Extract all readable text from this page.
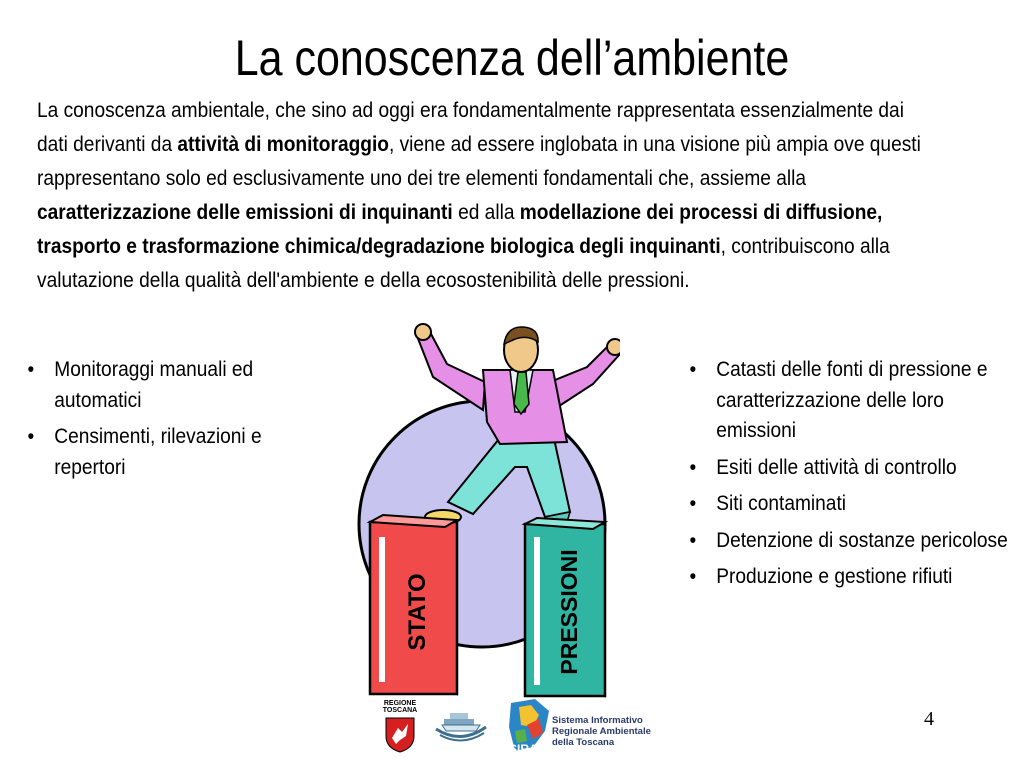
La conoscenza dell’ambiente
La conoscenza ambientale, che sino ad oggi era fondamentalmente rappresentata essenzialmente dai dati derivanti da attività di monitoraggio, viene ad essere inglobata in una visione più ampia ove questi rappresentano solo ed esclusivamente uno dei tre elementi fondamentali che, assieme alla caratterizzazione delle emissioni di inquinanti ed alla modellazione dei processi di diffusione, trasporto e trasformazione chimica/degradazione biologica degli inquinanti, contribuiscono alla valutazione della qualità dell'ambiente e della ecosostenibilità delle pressioni.
• Monitoraggi manuali ed automatici
• Censimenti, rilevazioni e repertori
• Catasti delle fonti di pressione e caratterizzazione delle loro emissioni
• Esiti delle attività di controllo
• Siti contaminati
• Detenzione di sostanze pericolose
• Produzione e gestione rifiuti
STATO	PRESSIONI
REGIONE
TOSCANA
SIRA
Sistema Informativo
Regionale Ambientale
della Toscana
4
